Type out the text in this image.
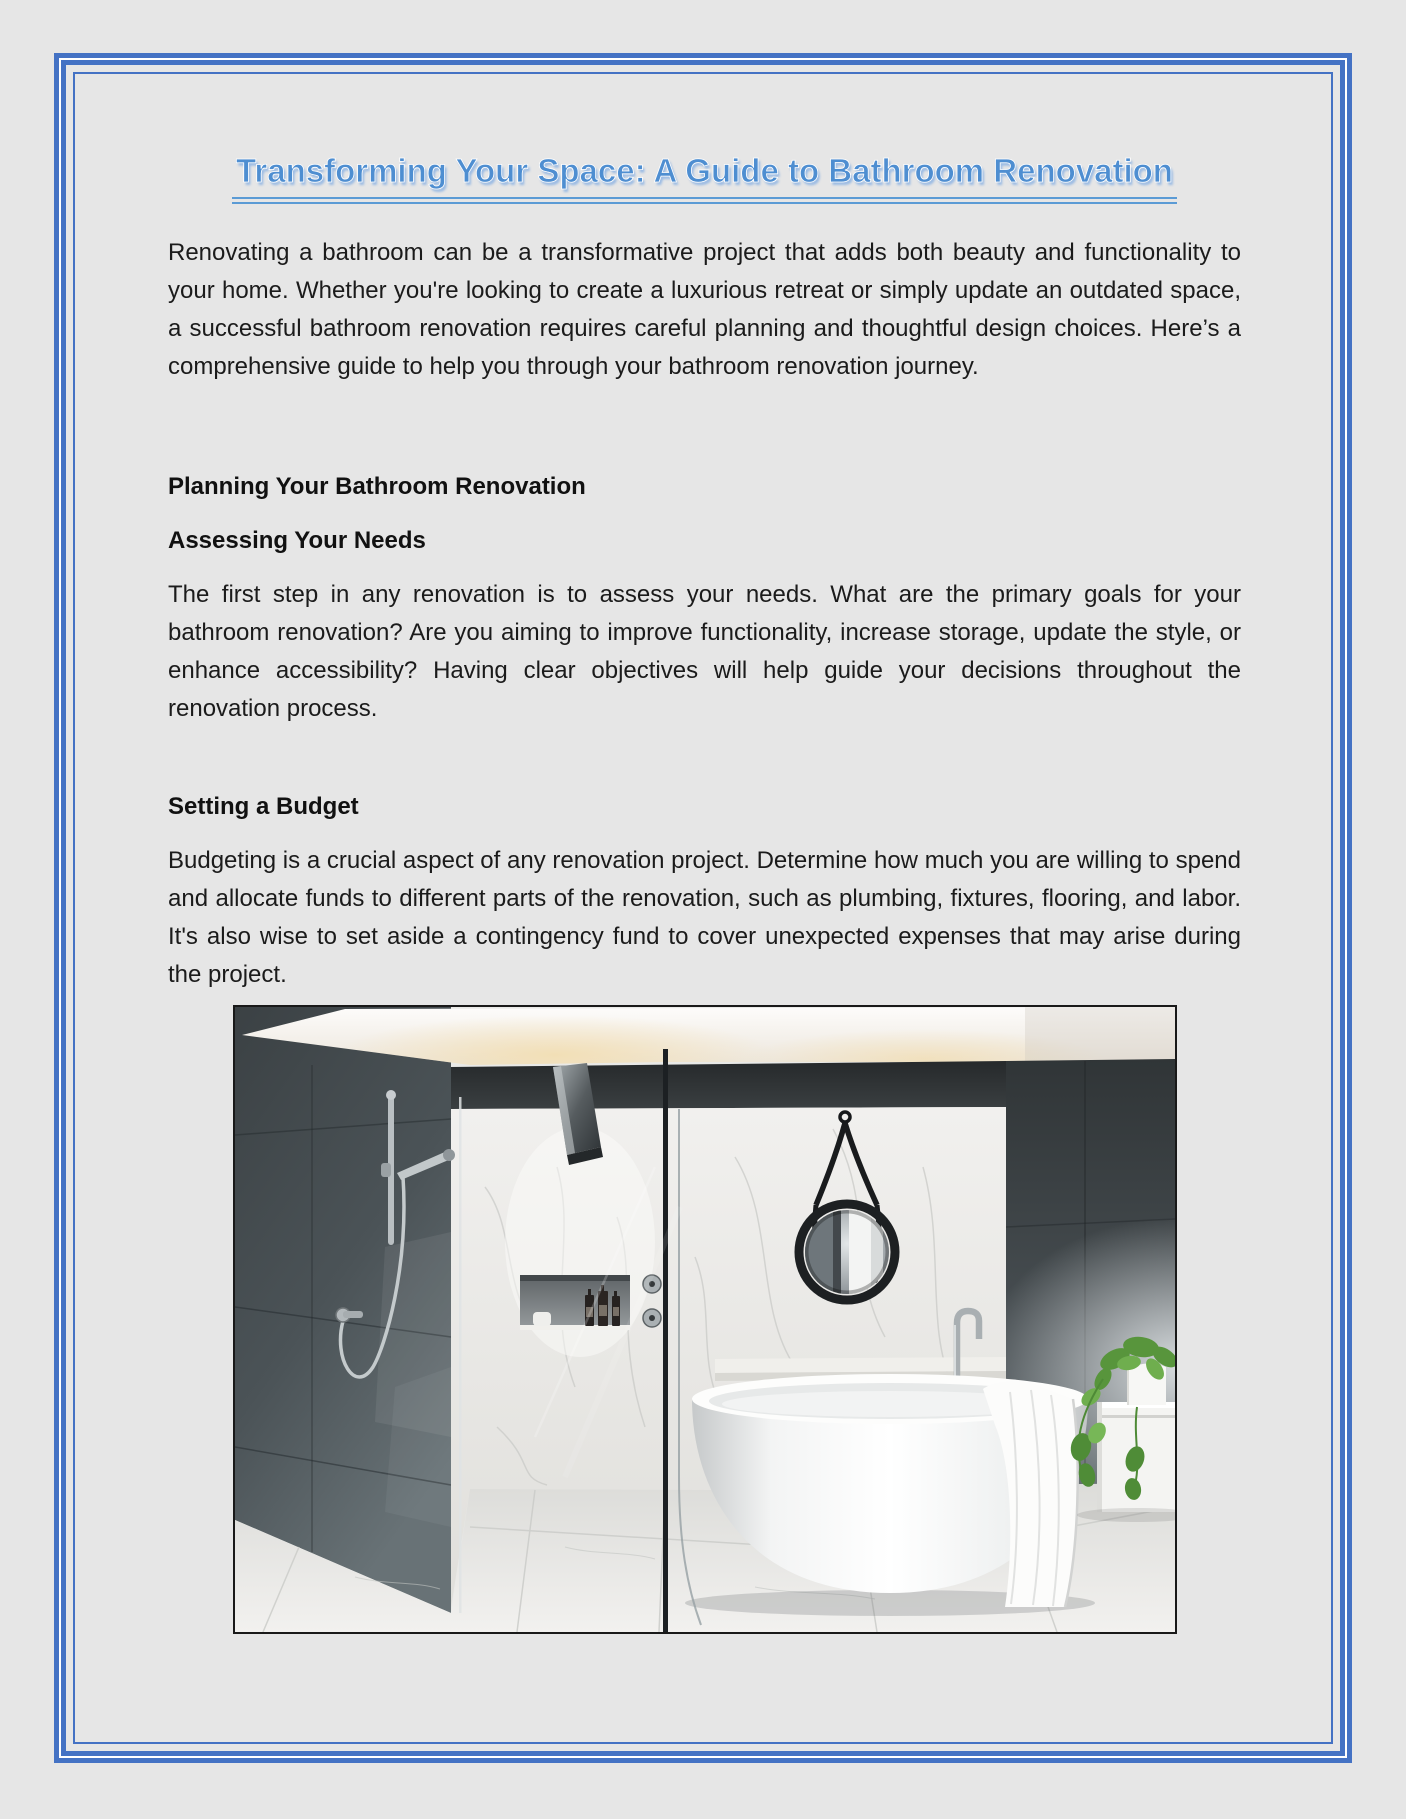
Transforming Your Space: A Guide to Bathroom Renovation

Renovating a bathroom can be a transformative project that adds both beauty and functionality to your home. Whether you're looking to create a luxurious retreat or simply update an outdated space, a successful bathroom renovation requires careful planning and thoughtful design choices. Here’s a comprehensive guide to help you through your bathroom renovation journey.

Planning Your Bathroom Renovation
Assessing Your Needs

The first step in any renovation is to assess your needs. What are the primary goals for your bathroom renovation? Are you aiming to improve functionality, increase storage, update the style, or enhance accessibility? Having clear objectives will help guide your decisions throughout the renovation process.

Setting a Budget

Budgeting is a crucial aspect of any renovation project. Determine how much you are willing to spend and allocate funds to different parts of the renovation, such as plumbing, fixtures, flooring, and labor. It's also wise to set aside a contingency fund to cover unexpected expenses that may arise during the project.
